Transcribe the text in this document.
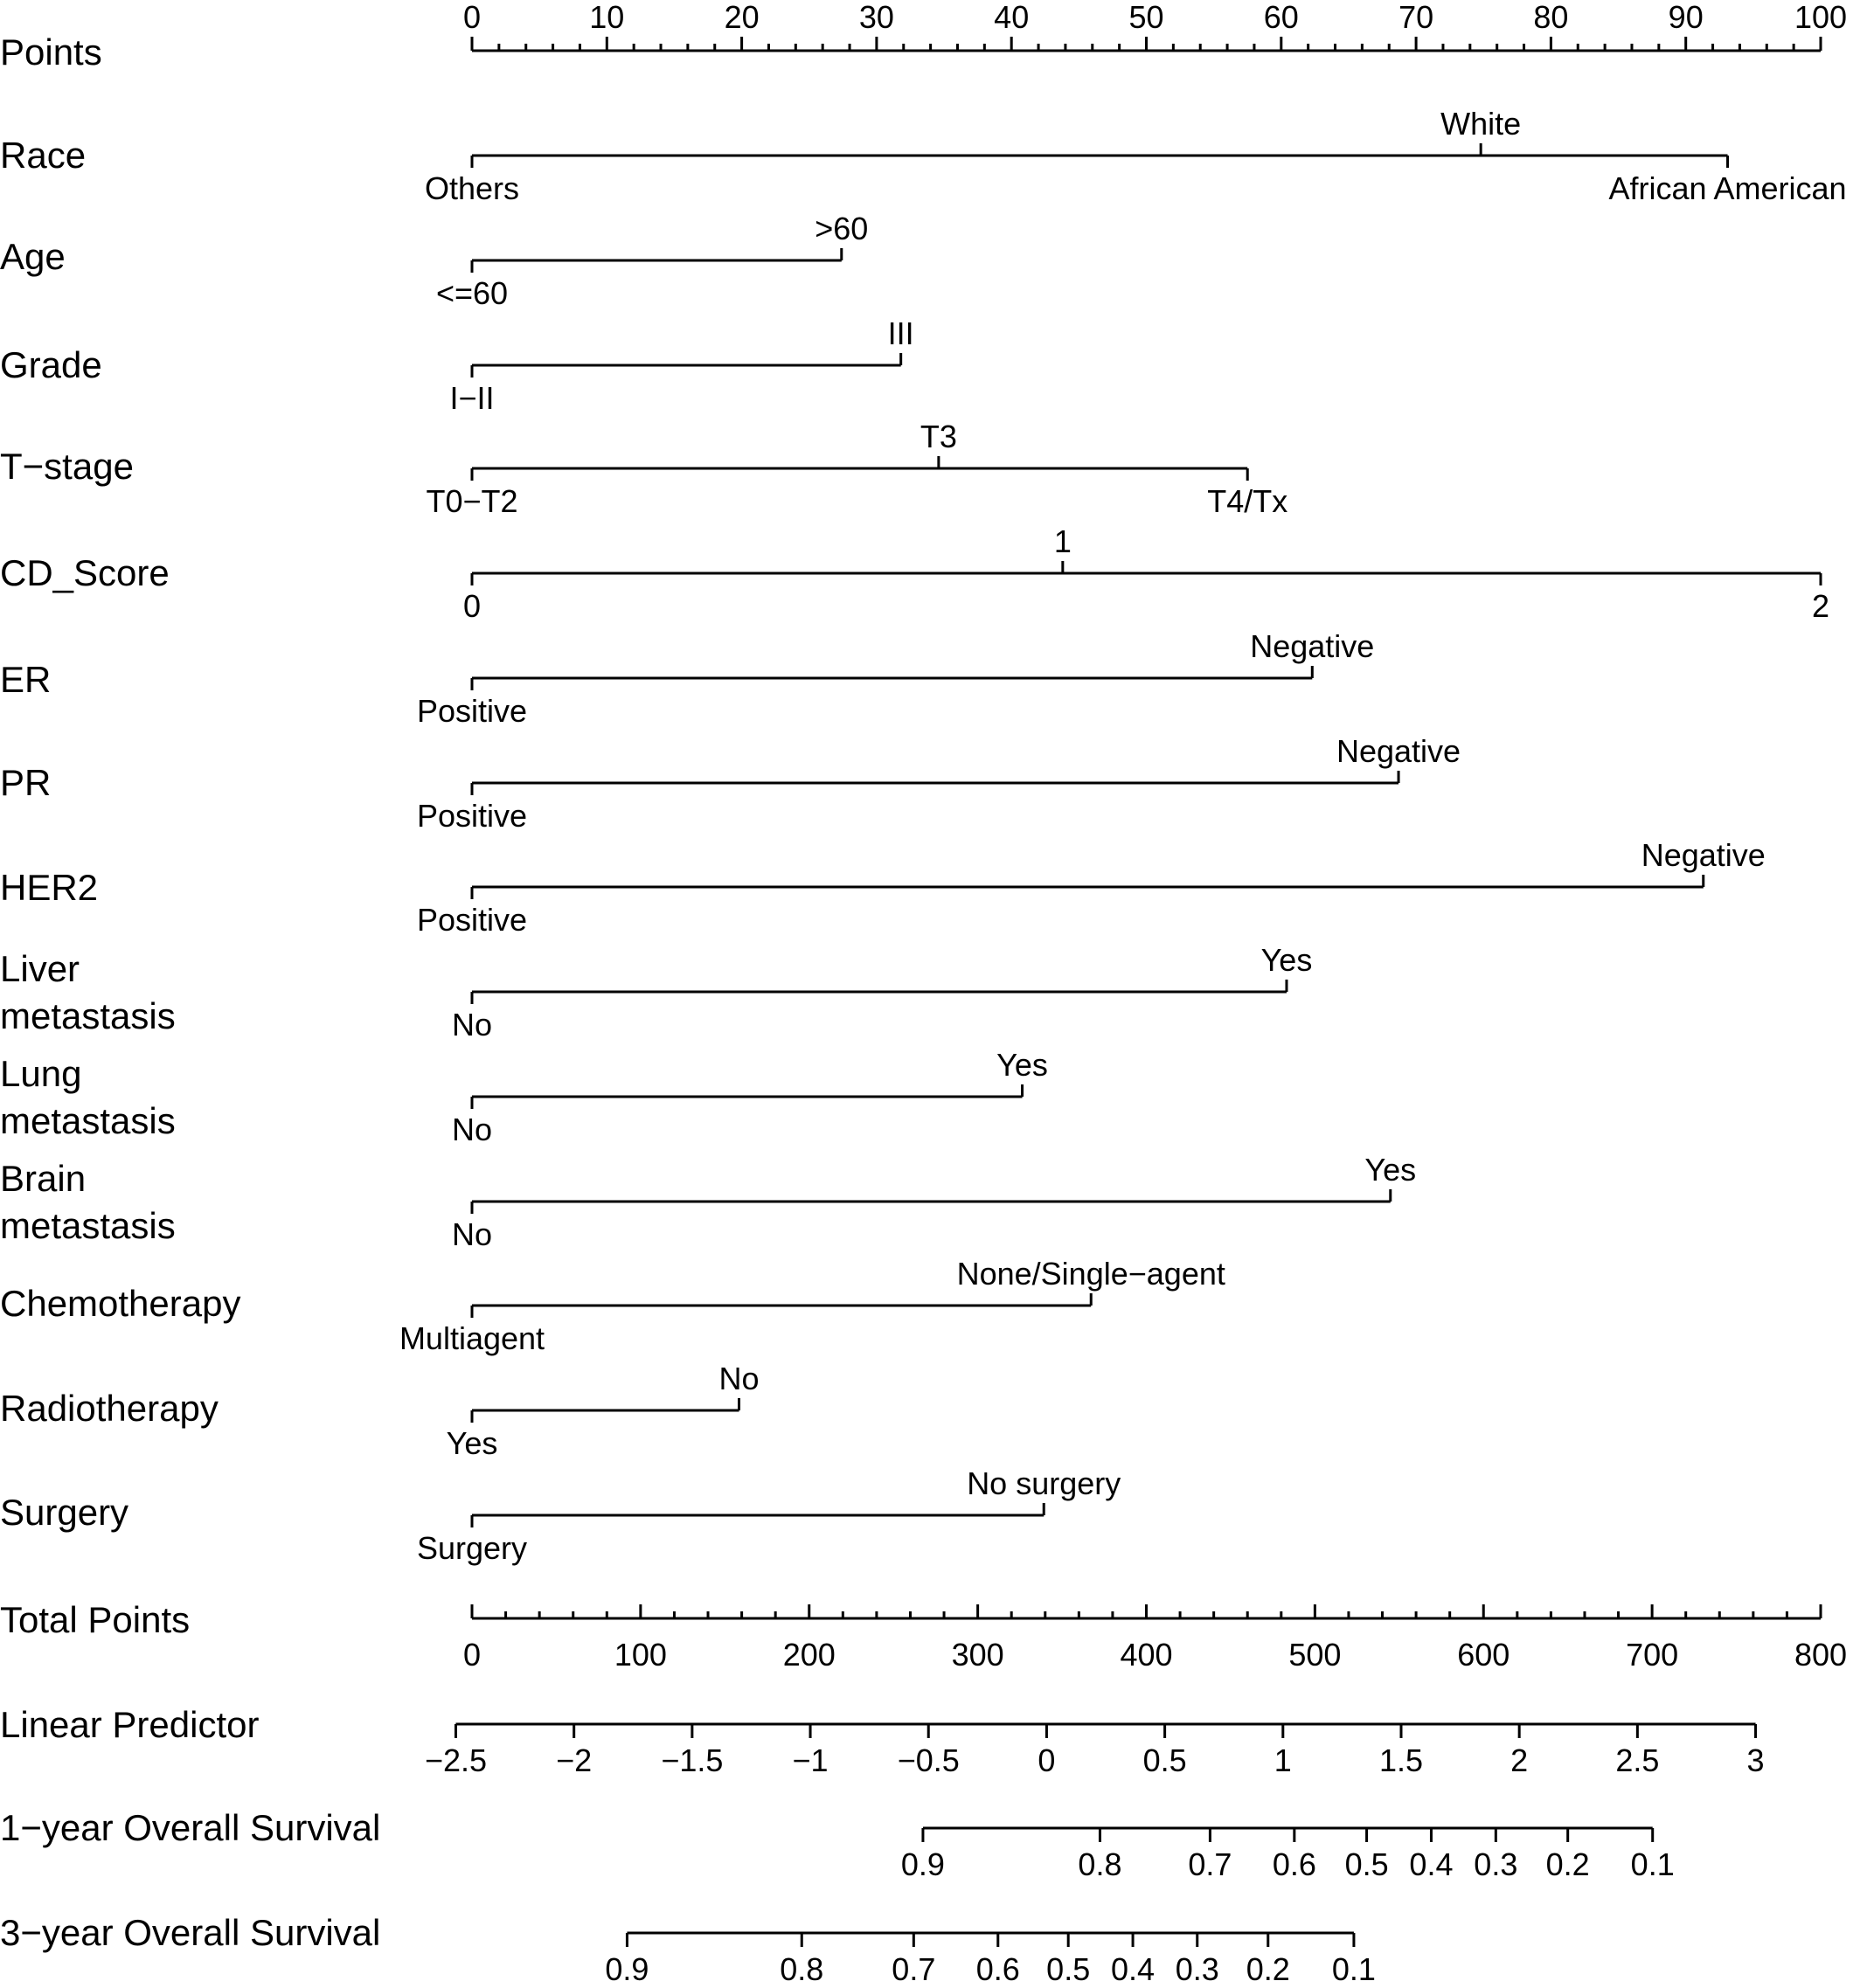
Points
0	10	20	30	40	50	60	70	80	90	100
Total Points
0	100	200	300	400	500	600	700	800
Linear Predictor
−2.5 −2 −1.5 −1 −0.5 0	0.5	1	1.5	2	2.5	3
1−year Overall Survival
0.9	0.8 0.7 0.6 0.5 0.4 0.3 0.2 0.1
3−year Overall Survival
0.9	0.8 0.7 0.6 0.5 0.4 0.3 0.2 0.1
Race
Others
White
African American
Age
<=60
>60
Grade
I−II
III
T−stage
T0−T2
T3
T4/Tx
CD_Score
0
1
2
ER
Positive
Negative
PR
Positive
Negative
HER2
Positive
Negative
Liver
metastasis	No
Yes
Lung
metastasis	No
Yes
Brain
metastasis	No
Yes
Chemotherapy
Multiagent
None/Single−agent
Radiotherapy
Yes
No
Surgery
Surgery
No surgery
